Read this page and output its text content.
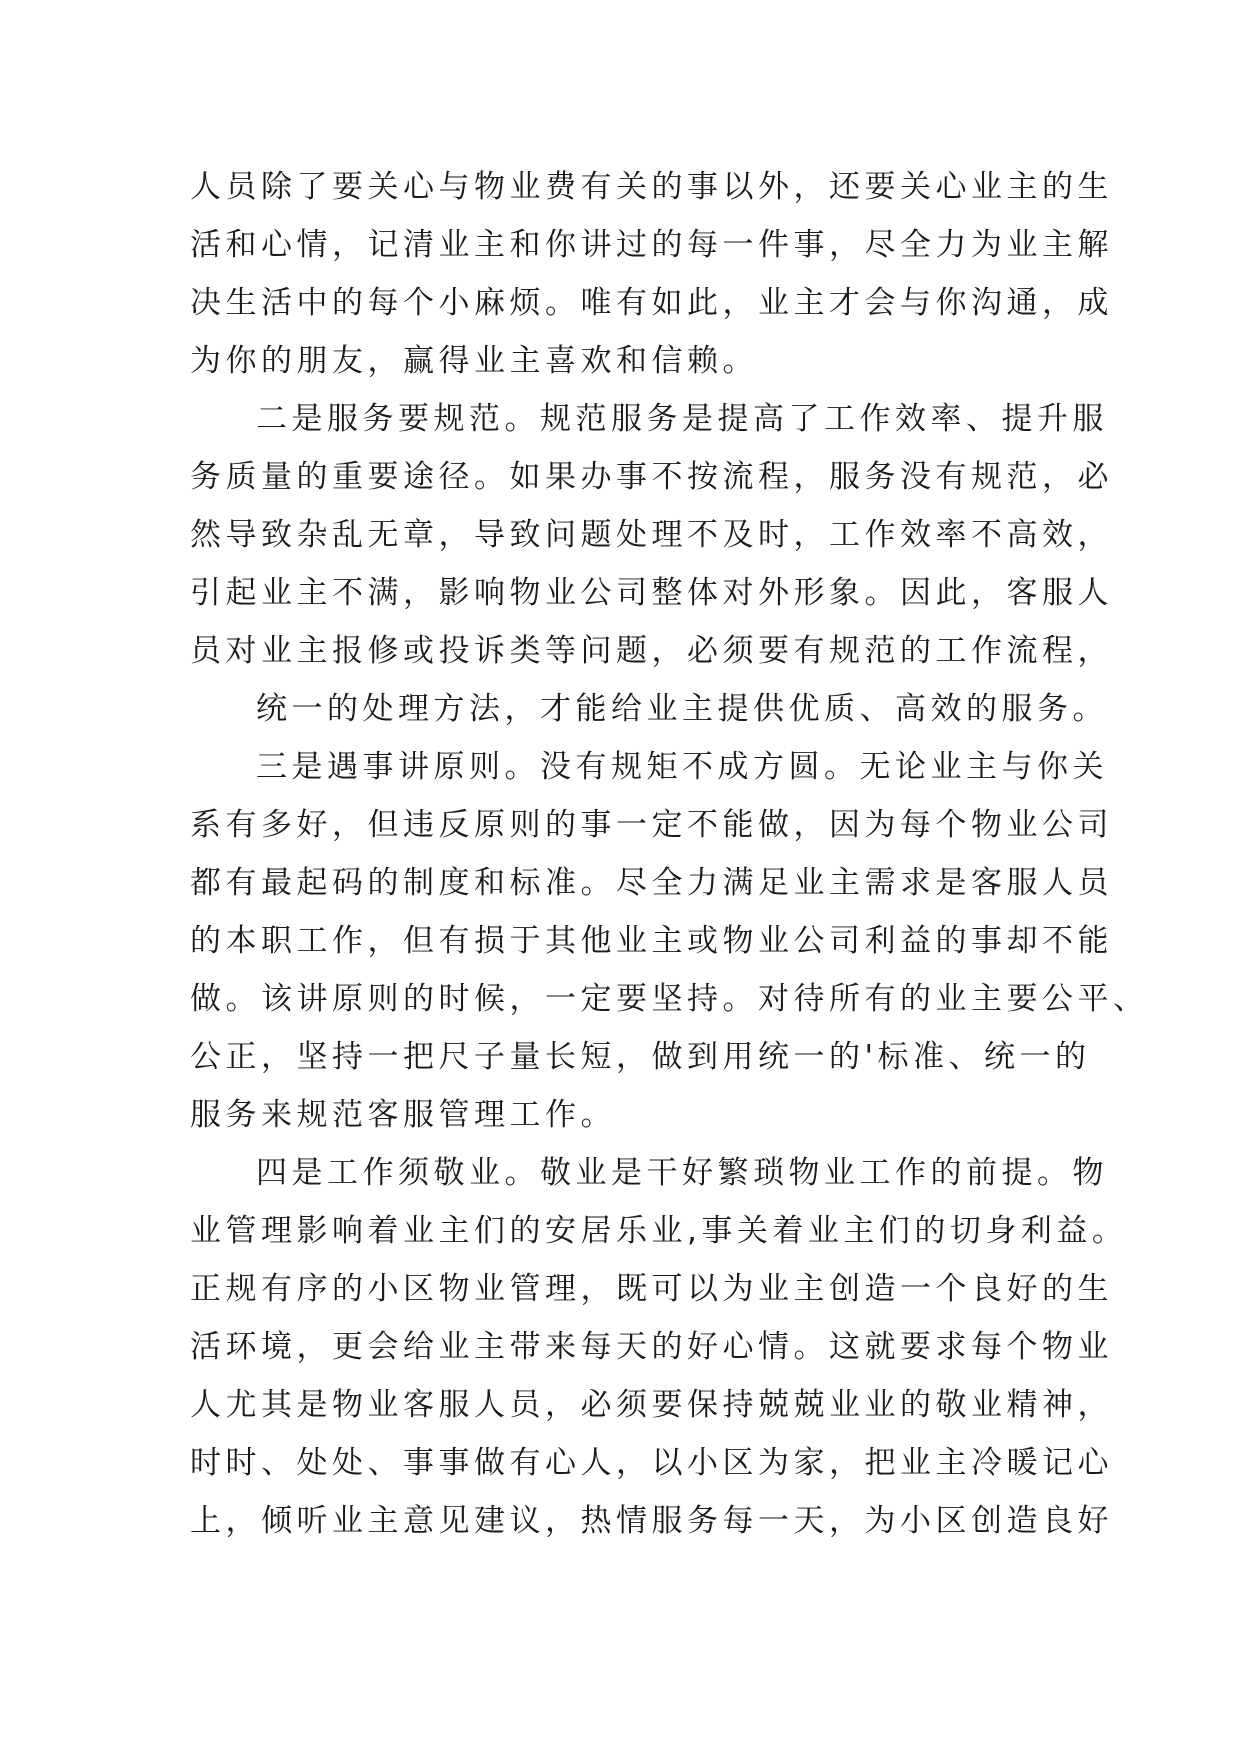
人员除了要关心与物业费有关的事以外，还要关心业主的生
活和心情，记清业主和你讲过的每一件事，尽全力为业主解
决生活中的每个小麻烦。唯有如此，业主才会与你沟通，成
为你的朋友，赢得业主喜欢和信赖。
二是服务要规范。规范服务是提高了工作效率、提升服
务质量的重要途径。如果办事不按流程，服务没有规范，必
然导致杂乱无章，导致问题处理不及时，工作效率不高效，
引起业主不满，影响物业公司整体对外形象。因此，客服人
员对业主报修或投诉类等问题，必须要有规范的工作流程，
统一的处理方法，才能给业主提供优质、高效的服务。
三是遇事讲原则。没有规矩不成方圆。无论业主与你关
系有多好，但违反原则的事一定不能做，因为每个物业公司
都有最起码的制度和标准。尽全力满足业主需求是客服人员
的本职工作，但有损于其他业主或物业公司利益的事却不能
做。该讲原则的时候，一定要坚持。对待所有的业主要公平、
公正，坚持一把尺子量长短，做到用统一的'标准、统一的
服务来规范客服管理工作。
四是工作须敬业。敬业是干好繁琐物业工作的前提。物
业管理影响着业主们的安居乐业,事关着业主们的切身利益。
正规有序的小区物业管理，既可以为业主创造一个良好的生
活环境，更会给业主带来每天的好心情。这就要求每个物业
人尤其是物业客服人员，必须要保持兢兢业业的敬业精神，
时时、处处、事事做有心人，以小区为家，把业主冷暖记心
上，倾听业主意见建议，热情服务每一天，为小区创造良好
